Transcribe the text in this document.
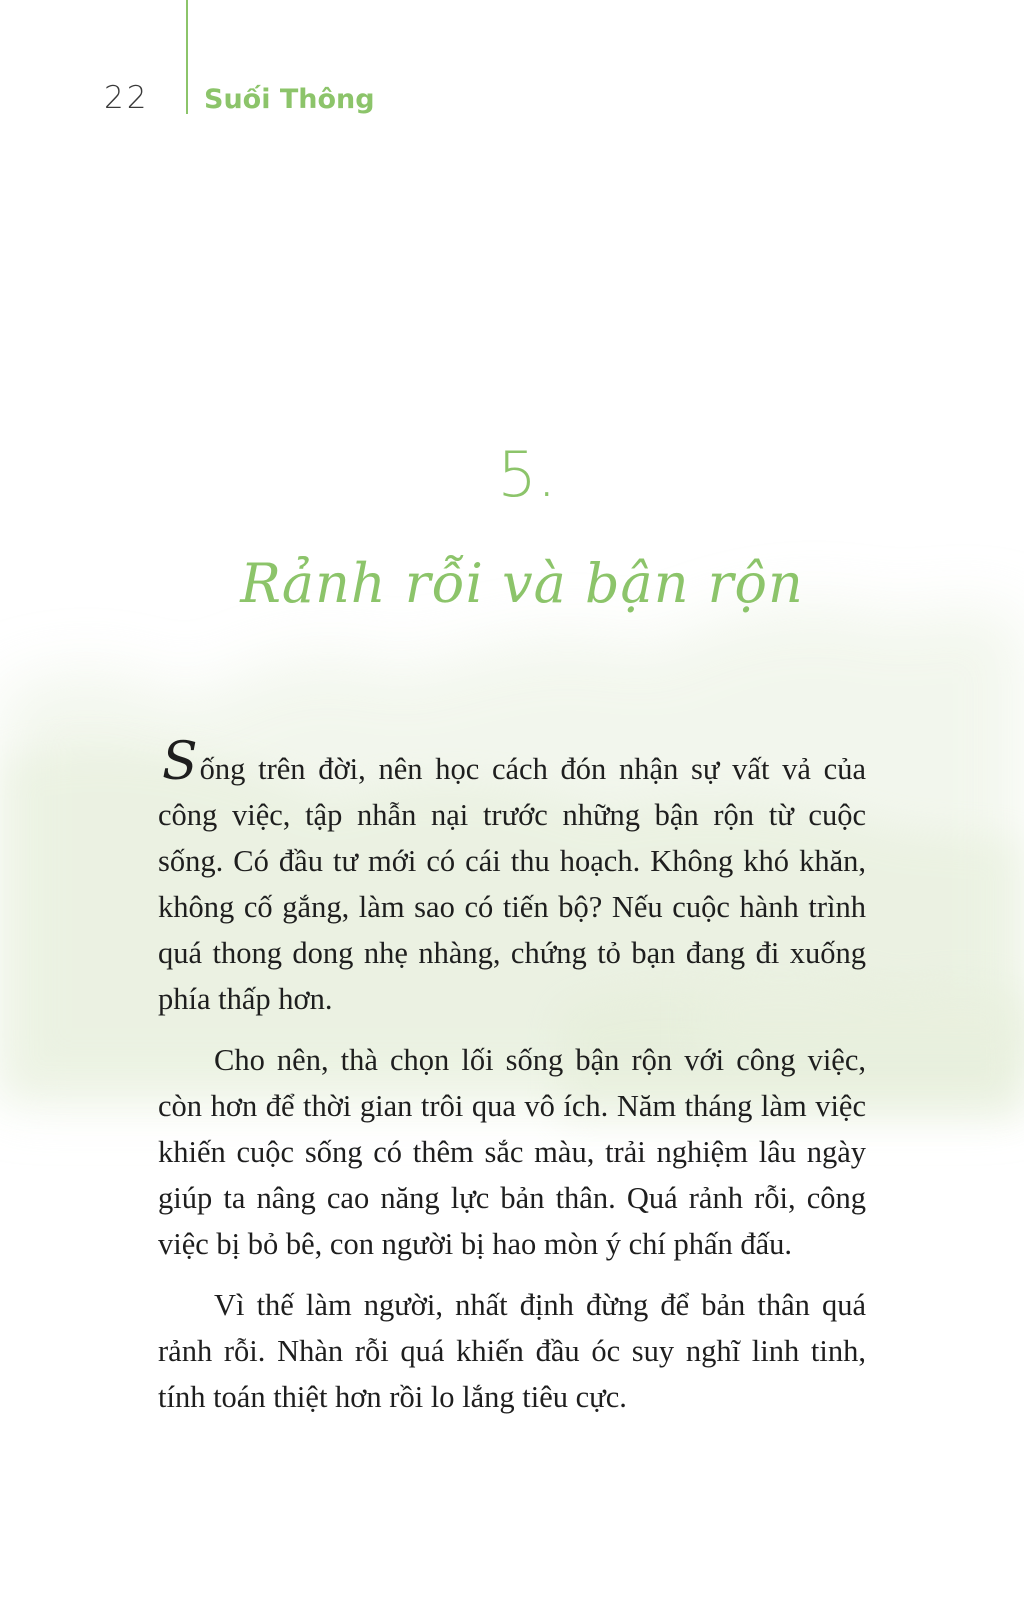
22 Suối Thông
5.
Rảnh rỗi và bận rộn

Sống trên đời, nên học cách đón nhận sự vất vả của công việc, tập nhẫn nại trước những bận rộn từ cuộc sống. Có đầu tư mới có cái thu hoạch. Không khó khăn, không cố gắng, làm sao có tiến bộ? Nếu cuộc hành trình quá thong dong nhẹ nhàng, chứng tỏ bạn đang đi xuống phía thấp hơn.

Cho nên, thà chọn lối sống bận rộn với công việc, còn hơn để thời gian trôi qua vô ích. Năm tháng làm việc khiến cuộc sống có thêm sắc màu, trải nghiệm lâu ngày giúp ta nâng cao năng lực bản thân. Quá rảnh rỗi, công việc bị bỏ bê, con người bị hao mòn ý chí phấn đấu.

Vì thế làm người, nhất định đừng để bản thân quá rảnh rỗi. Nhàn rỗi quá khiến đầu óc suy nghĩ linh tinh, tính toán thiệt hơn rồi lo lắng tiêu cực.
